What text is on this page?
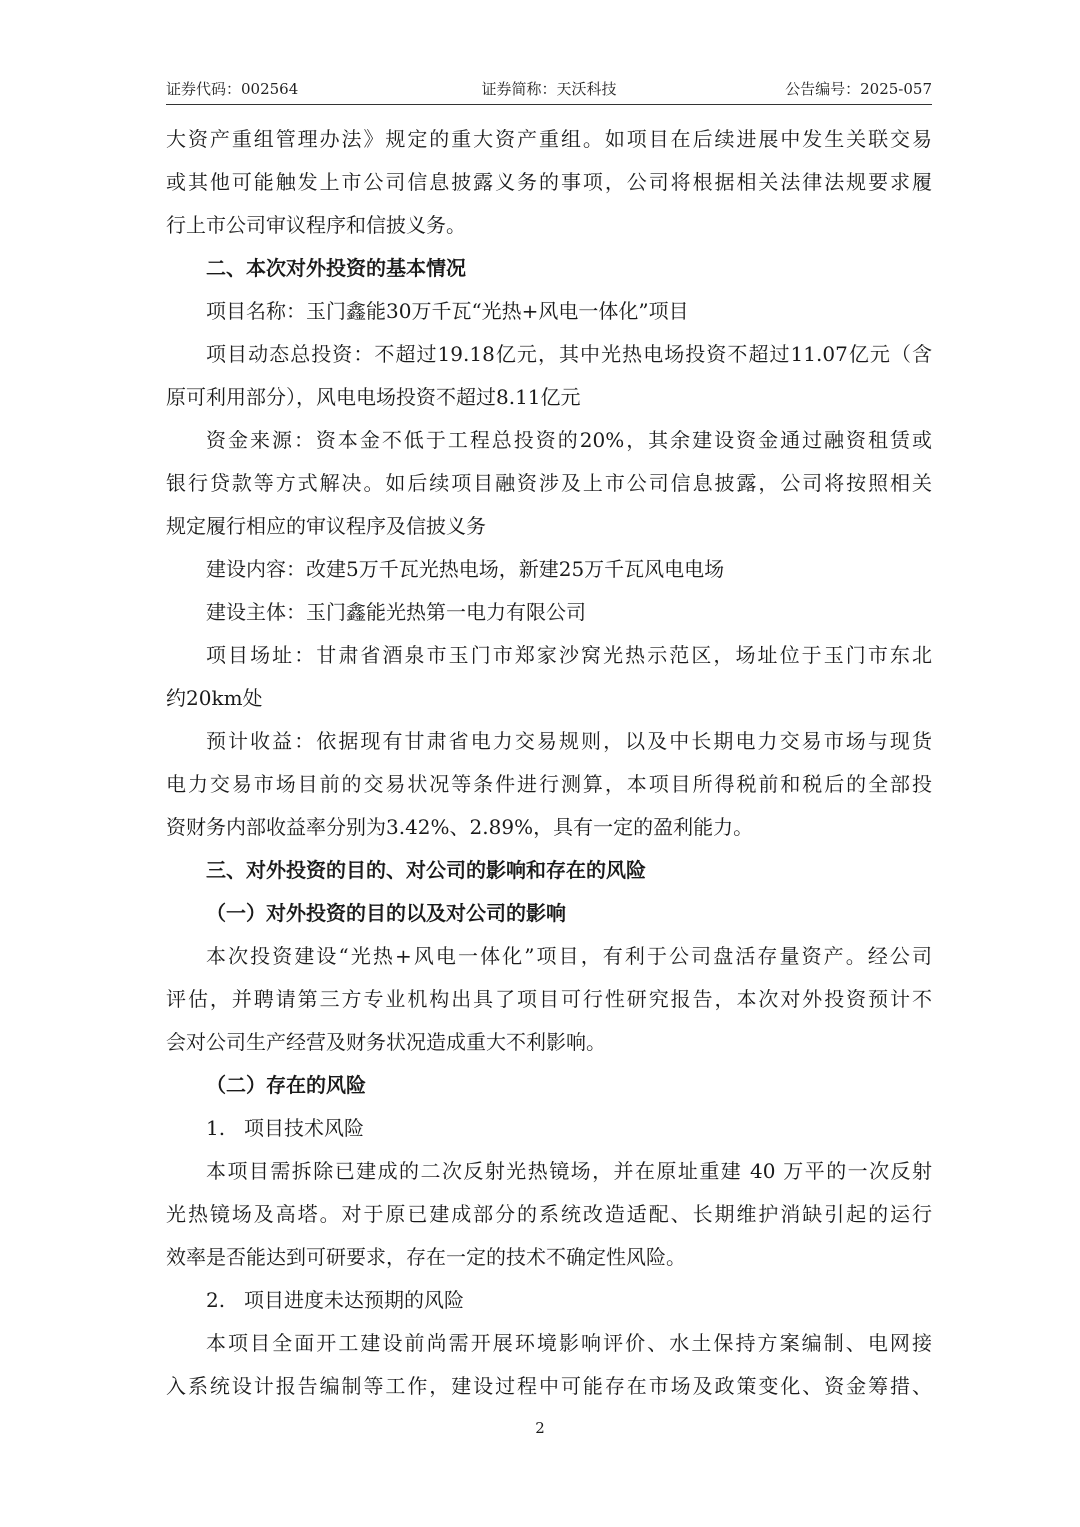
证券代码：002564	证券简称：天沃科技	公告编号：2025-057
大资产重组管理办法》规定的重大资产重组。如项目在后续进展中发生关联交易
或其他可能触发上市公司信息披露义务的事项，公司将根据相关法律法规要求履
行上市公司审议程序和信披义务。
二、本次对外投资的基本情况
项目名称：玉门鑫能30万千瓦“光热+风电一体化”项目
项目动态总投资：不超过19.18亿元，其中光热电场投资不超过11.07亿元（含
原可利用部分），风电电场投资不超过8.11亿元
资金来源：资本金不低于工程总投资的20%，其余建设资金通过融资租赁或
银行贷款等方式解决。如后续项目融资涉及上市公司信息披露，公司将按照相关
规定履行相应的审议程序及信披义务
建设内容：改建5万千瓦光热电场，新建25万千瓦风电电场
建设主体：玉门鑫能光热第一电力有限公司
项目场址：甘肃省酒泉市玉门市郑家沙窝光热示范区，场址位于玉门市东北
约20km处
预计收益：依据现有甘肃省电力交易规则，以及中长期电力交易市场与现货
电力交易市场目前的交易状况等条件进行测算，本项目所得税前和税后的全部投
资财务内部收益率分别为3.42%、2.89%，具有一定的盈利能力。
三、对外投资的目的、对公司的影响和存在的风险
（一）对外投资的目的以及对公司的影响
本次投资建设“光热+风电一体化”项目，有利于公司盘活存量资产。经公司
评估，并聘请第三方专业机构出具了项目可行性研究报告，本次对外投资预计不
会对公司生产经营及财务状况造成重大不利影响。
（二）存在的风险
1. 项目技术风险
本项目需拆除已建成的二次反射光热镜场，并在原址重建 40 万平的一次反射
光热镜场及高塔。对于原已建成部分的系统改造适配、长期维护消缺引起的运行
效率是否能达到可研要求，存在一定的技术不确定性风险。
2. 项目进度未达预期的风险
本项目全面开工建设前尚需开展环境影响评价、水土保持方案编制、电网接
入系统设计报告编制等工作，建设过程中可能存在市场及政策变化、资金筹措、
2
